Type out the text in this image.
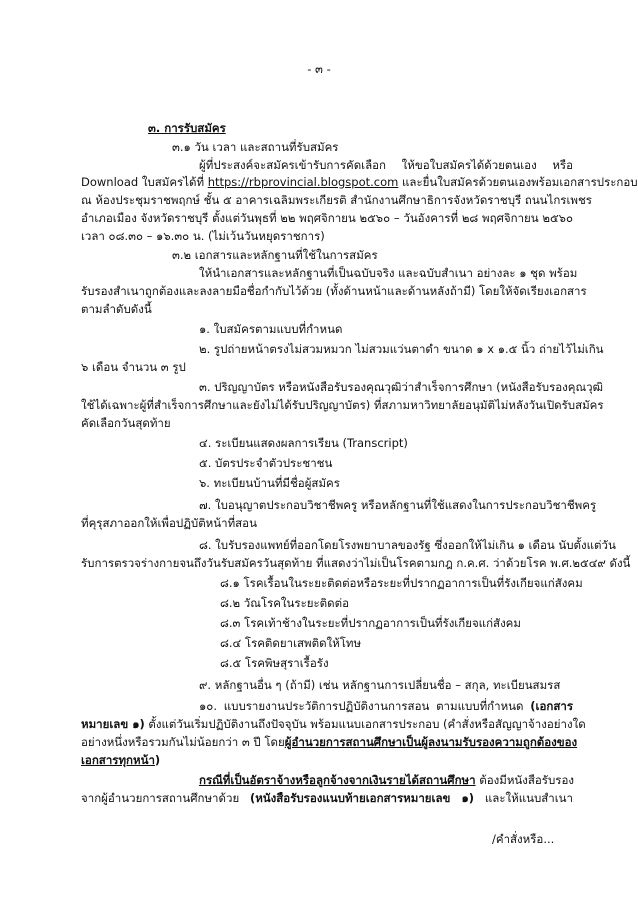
- ๓ -
๓. การรับสมัคร
๓.๑ วัน เวลา และสถานที่รับสมัคร
ผู้ที่ประสงค์จะสมัครเข้ารับการคัดเลือก ให้ขอใบสมัครได้ด้วยตนเอง หรือ
Download ใบสมัครได้ที่ https://rbprovincial.blogspot.com และยื่นใบสมัครด้วยตนเองพร้อมเอกสารประกอบ
ณ ห้องประชุมราชพฤกษ์ ชั้น ๕ อาคารเฉลิมพระเกียรติ สำนักงานศึกษาธิการจังหวัดราชบุรี ถนนไกรเพชร
อำเภอเมือง จังหวัดราชบุรี ตั้งแต่วันพุธที่ ๒๒ พฤศจิกายน ๒๕๖๐ – วันอังคารที่ ๒๘ พฤศจิกายน ๒๕๖๐
เวลา ๐๘.๓๐ – ๑๖.๓๐ น. (ไม่เว้นวันหยุดราชการ)
๓.๒ เอกสารและหลักฐานที่ใช้ในการสมัคร
ให้นำเอกสารและหลักฐานที่เป็นฉบับจริง และฉบับสำเนา อย่างละ ๑ ชุด พร้อม
รับรองสำเนาถูกต้องและลงลายมือชื่อกำกับไว้ด้วย (ทั้งด้านหน้าและด้านหลังถ้ามี) โดยให้จัดเรียงเอกสาร
ตามลำดับดังนี้
๑. ใบสมัครตามแบบที่กำหนด
๒. รูปถ่ายหน้าตรงไม่สวมหมวก ไม่สวมแว่นตาดำ ขนาด ๑ x ๑.๕ นิ้ว ถ่ายไว้ไม่เกิน
๖ เดือน จำนวน ๓ รูป
๓. ปริญญาบัตร หรือหนังสือรับรองคุณวุฒิว่าสำเร็จการศึกษา (หนังสือรับรองคุณวุฒิ
ใช้ได้เฉพาะผู้ที่สำเร็จการศึกษาและยังไม่ได้รับปริญญาบัตร) ที่สภามหาวิทยาลัยอนุมัติไม่หลังวันเปิดรับสมัคร
คัดเลือกวันสุดท้าย
๔. ระเบียนแสดงผลการเรียน (Transcript)
๕. บัตรประจำตัวประชาชน
๖. ทะเบียนบ้านที่มีชื่อผู้สมัคร
๗. ใบอนุญาตประกอบวิชาชีพครู หรือหลักฐานที่ใช้แสดงในการประกอบวิชาชีพครู
ที่คุรุสภาออกให้เพื่อปฏิบัติหน้าที่สอน
๘. ใบรับรองแพทย์ที่ออกโดยโรงพยาบาลของรัฐ ซึ่งออกให้ไม่เกิน ๑ เดือน นับตั้งแต่วัน
รับการตรวจร่างกายจนถึงวันรับสมัครวันสุดท้าย ที่แสดงว่าไม่เป็นโรคตามกฎ ก.ค.ศ. ว่าด้วยโรค พ.ศ.๒๕๔๙ ดังนี้
๘.๑ โรคเรื้อนในระยะติดต่อหรือระยะที่ปรากฏอาการเป็นที่รังเกียจแก่สังคม
๘.๒ วัณโรคในระยะติดต่อ
๘.๓ โรคเท้าช้างในระยะที่ปรากฏอาการเป็นที่รังเกียจแก่สังคม
๘.๔ โรคติดยาเสพติดให้โทษ
๘.๕ โรคพิษสุราเรื้อรัง
๙. หลักฐานอื่น ๆ (ถ้ามี) เช่น หลักฐานการเปลี่ยนชื่อ – สกุล, ทะเบียนสมรส
๑๐. แบบรายงานประวัติการปฏิบัติงานการสอน ตามแบบที่กำหนด (เอกสาร
หมายเลข ๑) ตั้งแต่วันเริ่มปฏิบัติงานถึงปัจจุบัน พร้อมแนบเอกสารประกอบ (คำสั่งหรือสัญญาจ้างอย่างใด
อย่างหนึ่งหรือรวมกันไม่น้อยกว่า ๓ ปี โดยผู้อำนวยการสถานศึกษาเป็นผู้ลงนามรับรองความถูกต้องของ
เอกสารทุกหน้า)
กรณีที่เป็นอัตราจ้างหรือลูกจ้างจากเงินรายได้สถานศึกษา ต้องมีหนังสือรับรอง
จากผู้อำนวยการสถานศึกษาด้วย (หนังสือรับรองแนบท้ายเอกสารหมายเลข ๑) และให้แนบสำเนา
/คำสั่งหรือ...
